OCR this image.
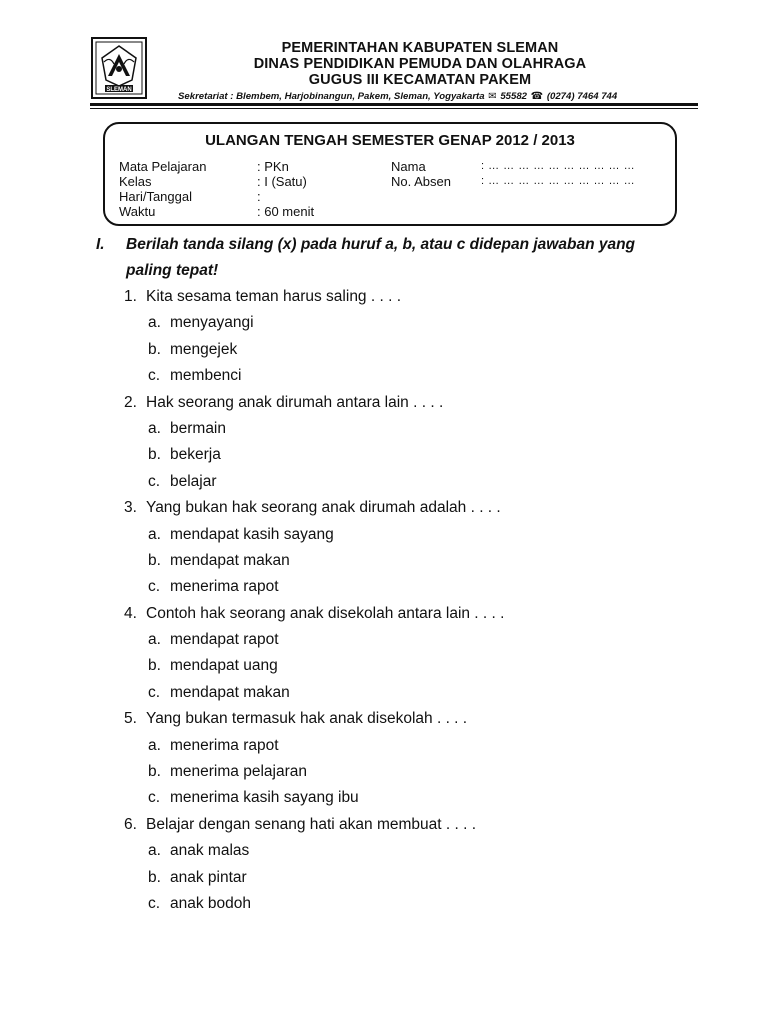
SLEMAN
PEMERINTAHAN KABUPATEN SLEMAN
DINAS PENDIDIKAN PEMUDA DAN OLAHRAGA
GUGUS III KECAMATAN PAKEM
Sekretariat : Blembem, Harjobinangun, Pakem, Sleman, Yogyakarta ✉ 55582 ☎ (0274) 7464 744
ULANGAN TENGAH SEMESTER GENAP 2012 / 2013
Mata Pelajaran	: PKn
Kelas	: I (Satu)
Hari/Tanggal	:
Waktu	: 60 menit
Nama	: … … … … … … … … … …
No. Absen	: … … … … … … … … … …
I. Berilah tanda silang (x) pada huruf a, b, atau c didepan jawaban yang
paling tepat!
1. Kita sesama teman harus saling . . . .
a. menyayangi
b. mengejek
c. membenci
2. Hak seorang anak dirumah antara lain . . . .
a. bermain
b. bekerja
c. belajar
3. Yang bukan hak seorang anak dirumah adalah . . . .
a. mendapat kasih sayang
b. mendapat makan
c. menerima rapot
4. Contoh hak seorang anak disekolah antara lain . . . .
a. mendapat rapot
b. mendapat uang
c. mendapat makan
5. Yang bukan termasuk hak anak disekolah . . . .
a. menerima rapot
b. menerima pelajaran
c. menerima kasih sayang ibu
6. Belajar dengan senang hati akan membuat . . . .
a. anak malas
b. anak pintar
c. anak bodoh
